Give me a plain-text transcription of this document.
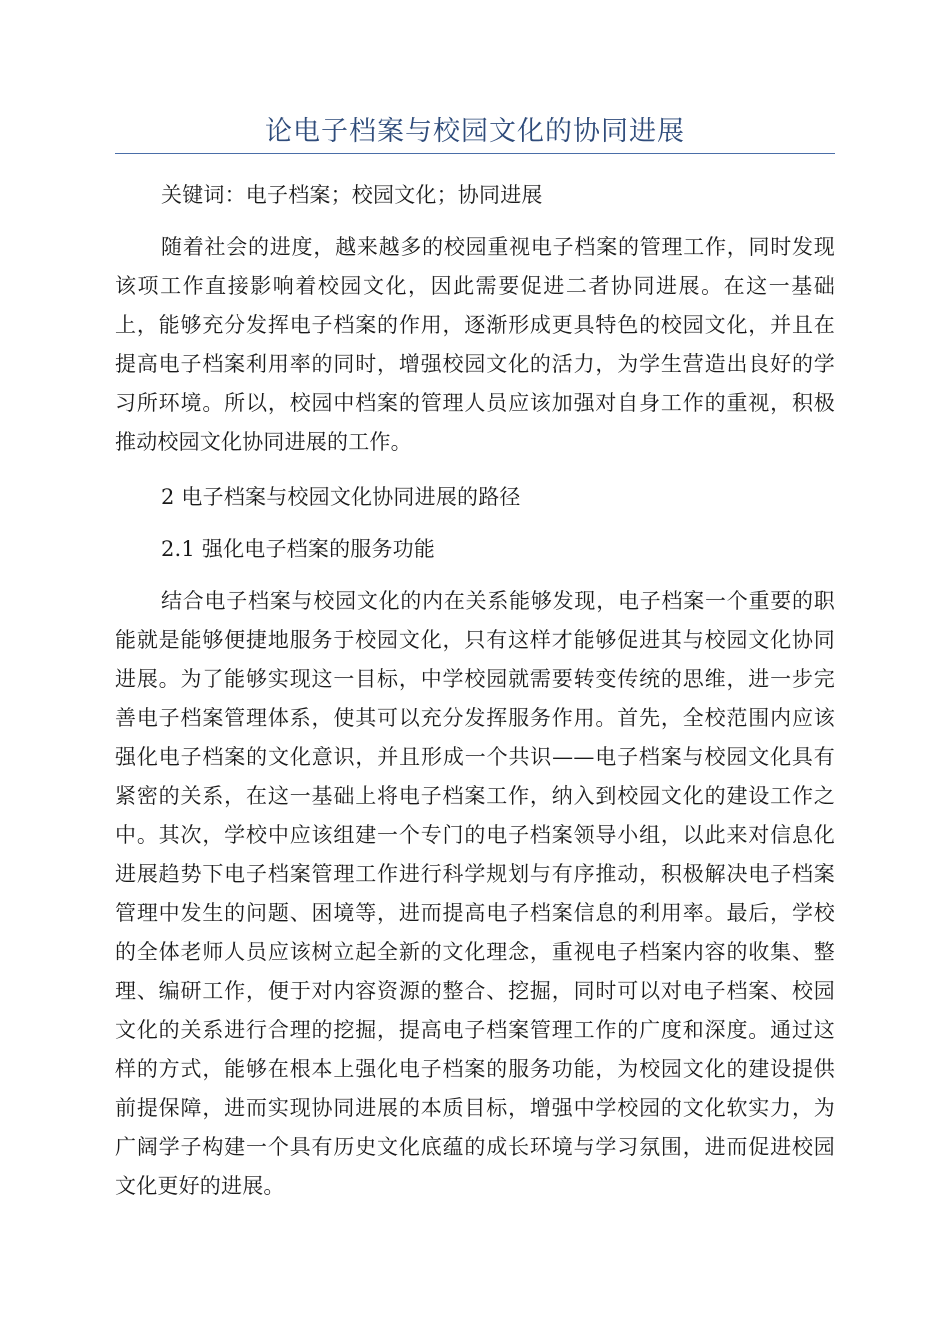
论电子档案与校园文化的协同进展
关键词：电子档案；校园文化；协同进展
随着社会的进度，越来越多的校园重视电子档案的管理工作，同时发现该项工作直接影响着校园文化，因此需要促进二者协同进展。在这一基础上，能够充分发挥电子档案的作用，逐渐形成更具特色的校园文化，并且在提高电子档案利用率的同时，增强校园文化的活力，为学生营造出良好的学习所环境。所以，校园中档案的管理人员应该加强对自身工作的重视，积极推动校园文化协同进展的工作。
2 电子档案与校园文化协同进展的路径
2.1 强化电子档案的服务功能
结合电子档案与校园文化的内在关系能够发现，电子档案一个重要的职能就是能够便捷地服务于校园文化，只有这样才能够促进其与校园文化协同进展。为了能够实现这一目标，中学校园就需要转变传统的思维，进一步完善电子档案管理体系，使其可以充分发挥服务作用。首先，全校范围内应该强化电子档案的文化意识，并且形成一个共识——电子档案与校园文化具有紧密的关系，在这一基础上将电子档案工作，纳入到校园文化的建设工作之中。其次，学校中应该组建一个专门的电子档案领导小组，以此来对信息化进展趋势下电子档案管理工作进行科学规划与有序推动，积极解决电子档案管理中发生的问题、困境等，进而提高电子档案信息的利用率。最后，学校的全体老师人员应该树立起全新的文化理念，重视电子档案内容的收集、整理、编研工作，便于对内容资源的整合、挖掘，同时可以对电子档案、校园文化的关系进行合理的挖掘，提高电子档案管理工作的广度和深度。通过这样的方式，能够在根本上强化电子档案的服务功能，为校园文化的建设提供前提保障，进而实现协同进展的本质目标，增强中学校园的文化软实力，为广阔学子构建一个具有历史文化底蕴的成长环境与学习氛围，进而促进校园文化更好的进展。
